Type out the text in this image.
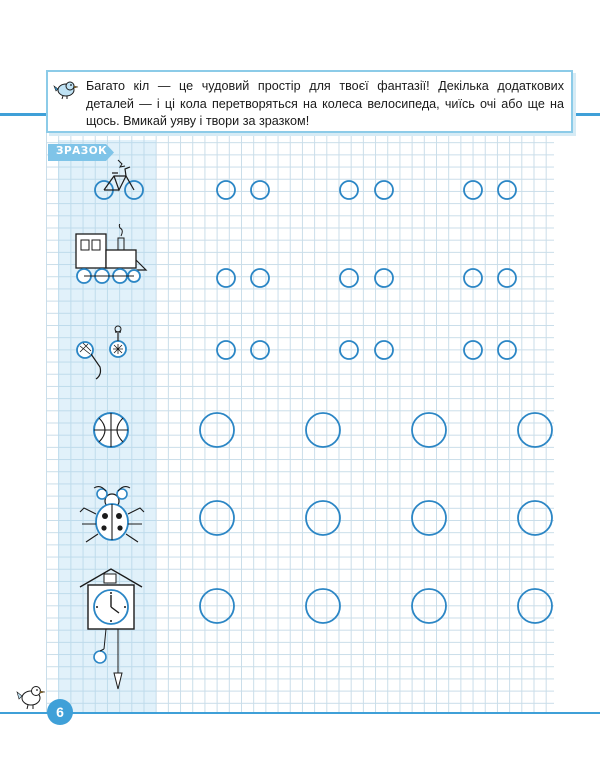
Багато кіл — це чудовий простір для твоєї фантазії! Декілька додаткових деталей — і ці кола перетворяться на колеса велосипеда, чиїсь очі або ще на щось. Вмикай уяву і твори за зразком!
ЗРАЗОК
6
